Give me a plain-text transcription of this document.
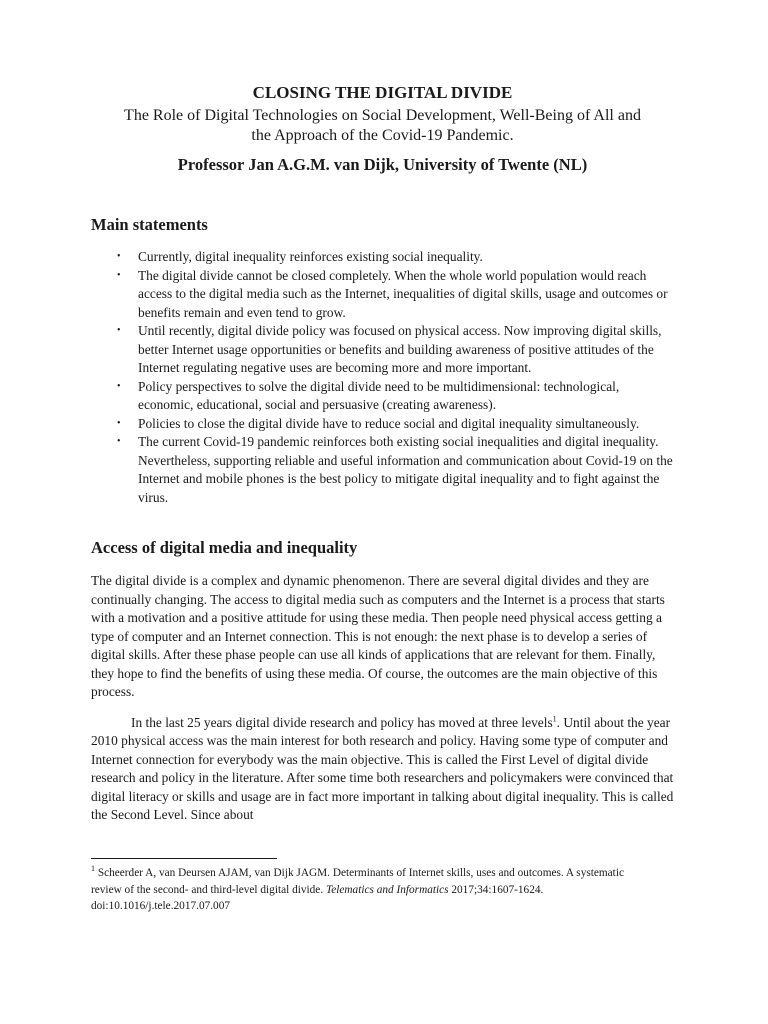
CLOSING THE DIGITAL DIVIDE

The Role of Digital Technologies on Social Development, Well-Being of All and
the Approach of the Covid-19 Pandemic.

Professor Jan A.G.M. van Dijk, University of Twente (NL)

Main statements
• Currently, digital inequality reinforces existing social inequality.
• The digital divide cannot be closed completely. When the whole world population would reach access to the digital media such as the Internet, inequalities of digital skills, usage and outcomes or benefits remain and even tend to grow.
• Until recently, digital divide policy was focused on physical access. Now improving digital skills, better Internet usage opportunities or benefits and building awareness of positive attitudes of the Internet regulating negative uses are becoming more and more important.
• Policy perspectives to solve the digital divide need to be multidimensional: technological, economic, educational, social and persuasive (creating awareness).
• Policies to close the digital divide have to reduce social and digital inequality simultaneously.
• The current Covid-19 pandemic reinforces both existing social inequalities and digital inequality. Nevertheless, supporting reliable and useful information and communication about Covid-19 on the Internet and mobile phones is the best policy to mitigate digital inequality and to fight against the virus.
Access of digital media and inequality

The digital divide is a complex and dynamic phenomenon. There are several digital divides and they are continually changing. The access to digital media such as computers and the Internet is a process that starts with a motivation and a positive attitude for using these media. Then people need physical access getting a type of computer and an Internet connection. This is not enough: the next phase is to develop a series of digital skills. After these phase people can use all kinds of applications that are relevant for them. Finally, they hope to find the benefits of using these media. Of course, the outcomes are the main objective of this process.

In the last 25 years digital divide research and policy has moved at three levels$^1$. Until about the year 2010 physical access was the main interest for both research and policy. Having some type of computer and Internet connection for everybody was the main objective. This is called the First Level of digital divide research and policy in the literature. After some time both researchers and policymakers were convinced that digital literacy or skills and usage are in fact more important in talking about digital inequality. This is called the Second Level. Since about

$^1$ Scheerder A, van Deursen AJAM, van Dijk JAGM. Determinants of Internet skills, uses and outcomes. A systematic review of the second- and third-level digital divide. Telematics and Informatics 2017;34:1607-1624. doi:10.1016/j.tele.2017.07.007
